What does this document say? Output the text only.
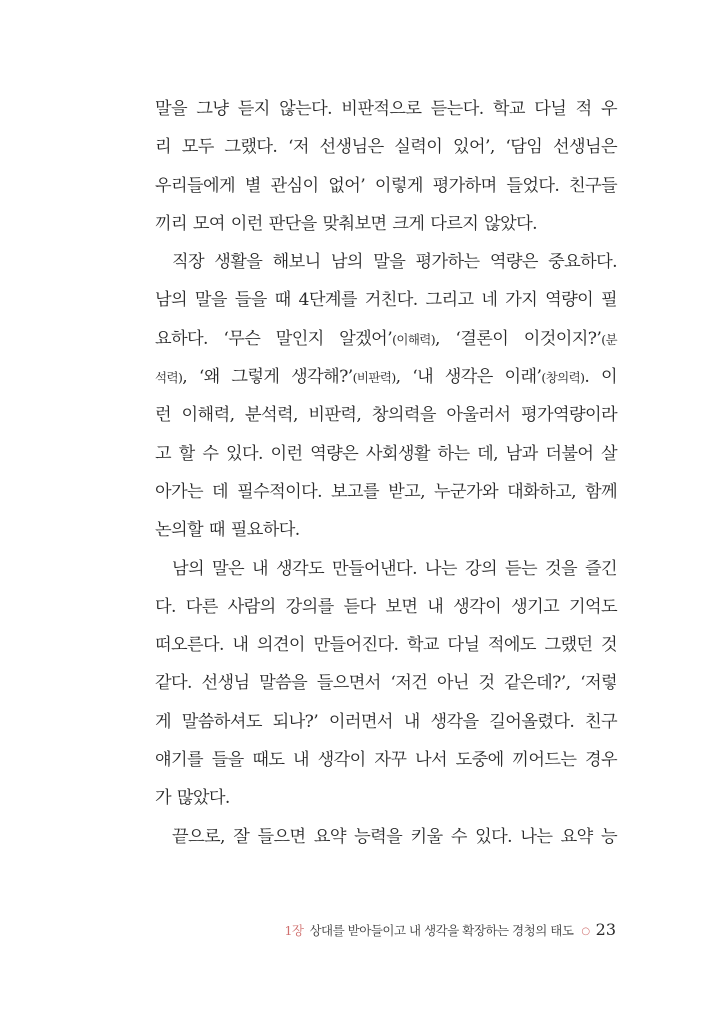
말을 그냥 듣지 않는다. 비판적으로 듣는다. 학교 다닐 적 우
리 모두 그랬다. ‘저 선생님은 실력이 있어’, ‘담임 선생님은
우리들에게 별 관심이 없어’ 이렇게 평가하며 들었다. 친구들
끼리 모여 이런 판단을 맞춰보면 크게 다르지 않았다.
직장 생활을 해보니 남의 말을 평가하는 역량은 중요하다.
남의 말을 들을 때 4단계를 거친다. 그리고 네 가지 역량이 필
요하다. ‘무슨 말인지 알겠어’(이해력), ‘결론이 이것이지?’(분
석력), ‘왜 그렇게 생각해?’(비판력), ‘내 생각은 이래’(창의력). 이
런 이해력, 분석력, 비판력, 창의력을 아울러서 평가역량이라
고 할 수 있다. 이런 역량은 사회생활 하는 데, 남과 더불어 살
아가는 데 필수적이다. 보고를 받고, 누군가와 대화하고, 함께
논의할 때 필요하다.
남의 말은 내 생각도 만들어낸다. 나는 강의 듣는 것을 즐긴
다. 다른 사람의 강의를 듣다 보면 내 생각이 생기고 기억도
떠오른다. 내 의견이 만들어진다. 학교 다닐 적에도 그랬던 것
같다. 선생님 말씀을 들으면서 ‘저건 아닌 것 같은데?’, ‘저렇
게 말씀하셔도 되나?’ 이러면서 내 생각을 길어올렸다. 친구
얘기를 들을 때도 내 생각이 자꾸 나서 도중에 끼어드는 경우
가 많았다.
끝으로, 잘 들으면 요약 능력을 키울 수 있다. 나는 요약 능
1장 상대를 받아들이고 내 생각을 확장하는 경청의 태도 ○ 23
